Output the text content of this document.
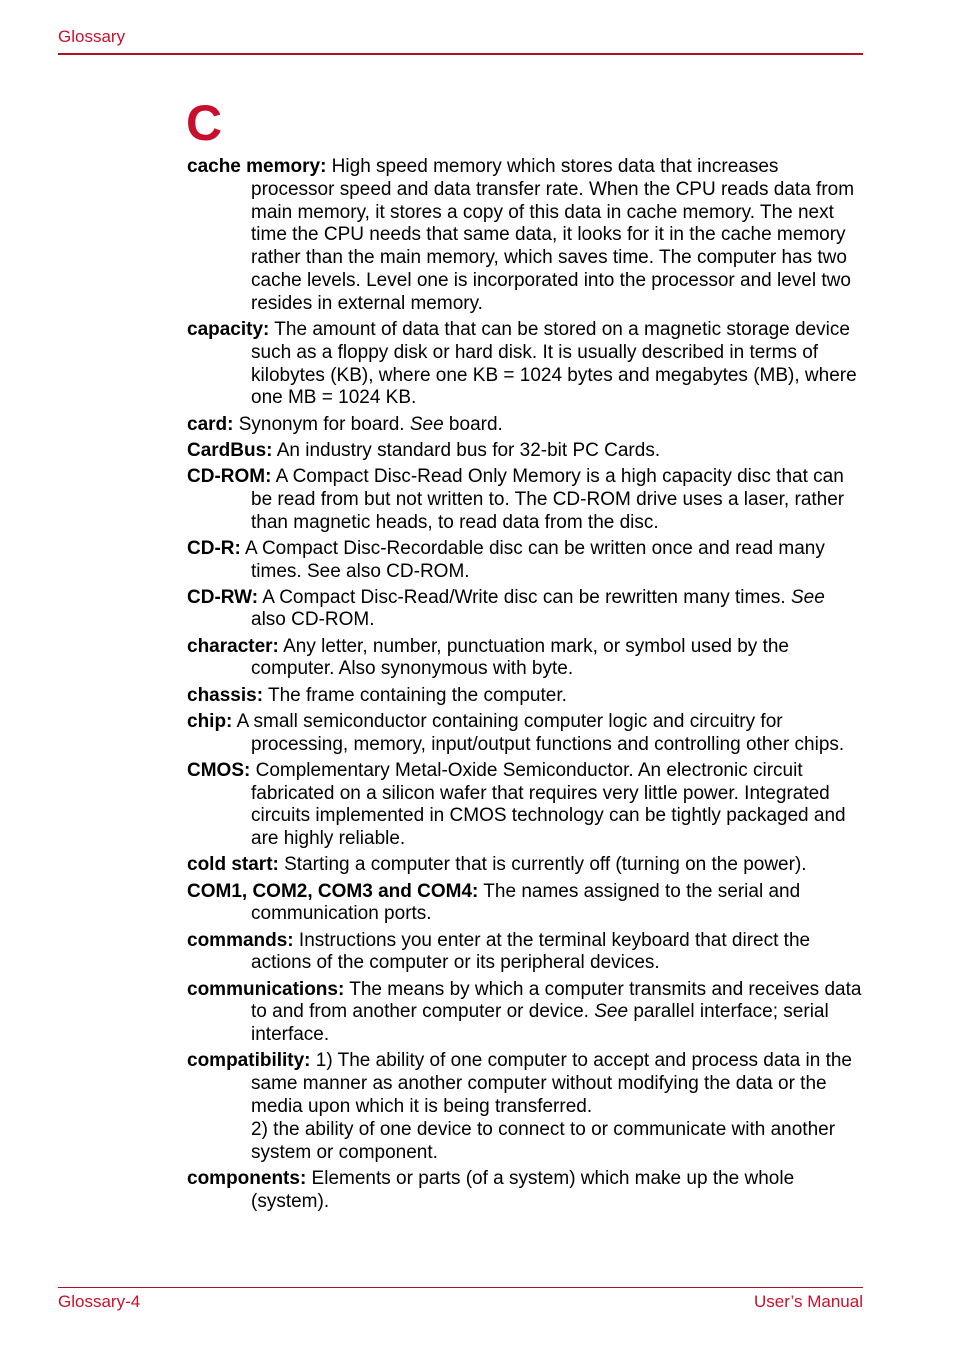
Glossary
C
cache memory: High speed memory which stores data that increases processor speed and data transfer rate. When the CPU reads data from main memory, it stores a copy of this data in cache memory. The next time the CPU needs that same data, it looks for it in the cache memory rather than the main memory, which saves time. The computer has two cache levels. Level one is incorporated into the processor and level two resides in external memory.
capacity: The amount of data that can be stored on a magnetic storage device such as a floppy disk or hard disk. It is usually described in terms of kilobytes (KB), where one KB = 1024 bytes and megabytes (MB), where one MB = 1024 KB.
card: Synonym for board. See board.
CardBus: An industry standard bus for 32-bit PC Cards.
CD-ROM: A Compact Disc-Read Only Memory is a high capacity disc that can be read from but not written to. The CD-ROM drive uses a laser, rather than magnetic heads, to read data from the disc.
CD-R: A Compact Disc-Recordable disc can be written once and read many times. See also CD-ROM.
CD-RW: A Compact Disc-Read/Write disc can be rewritten many times. See also CD-ROM.
character: Any letter, number, punctuation mark, or symbol used by the computer. Also synonymous with byte.
chassis: The frame containing the computer.
chip: A small semiconductor containing computer logic and circuitry for processing, memory, input/output functions and controlling other chips.
CMOS: Complementary Metal-Oxide Semiconductor. An electronic circuit fabricated on a silicon wafer that requires very little power. Integrated circuits implemented in CMOS technology can be tightly packaged and are highly reliable.
cold start: Starting a computer that is currently off (turning on the power).
COM1, COM2, COM3 and COM4: The names assigned to the serial and communication ports.
commands: Instructions you enter at the terminal keyboard that direct the actions of the computer or its peripheral devices.
communications: The means by which a computer transmits and receives data to and from another computer or device. See parallel interface; serial interface.
compatibility: 1) The ability of one computer to accept and process data in the same manner as another computer without modifying the data or the media upon which it is being transferred.
2) the ability of one device to connect to or communicate with another system or component.
components: Elements or parts (of a system) which make up the whole (system).
Glossary-4	User’s Manual
